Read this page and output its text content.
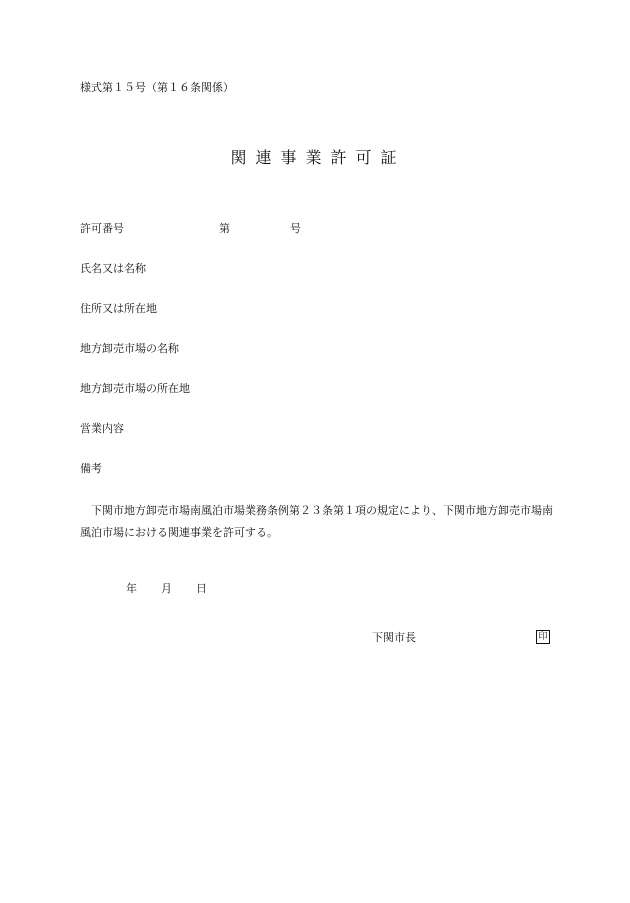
様式第１５号（第１６条関係）
関連事業許可証
許可番号	第	号
氏名又は名称
住所又は所在地
地方卸売市場の名称
地方卸売市場の所在地
営業内容
備考
下関市地方卸売市場南風泊市場業務条例第２３条第１項の規定により、下関市地方卸売市場南風泊市場における関連事業を許可する。
年 月 日
下関市長	印
